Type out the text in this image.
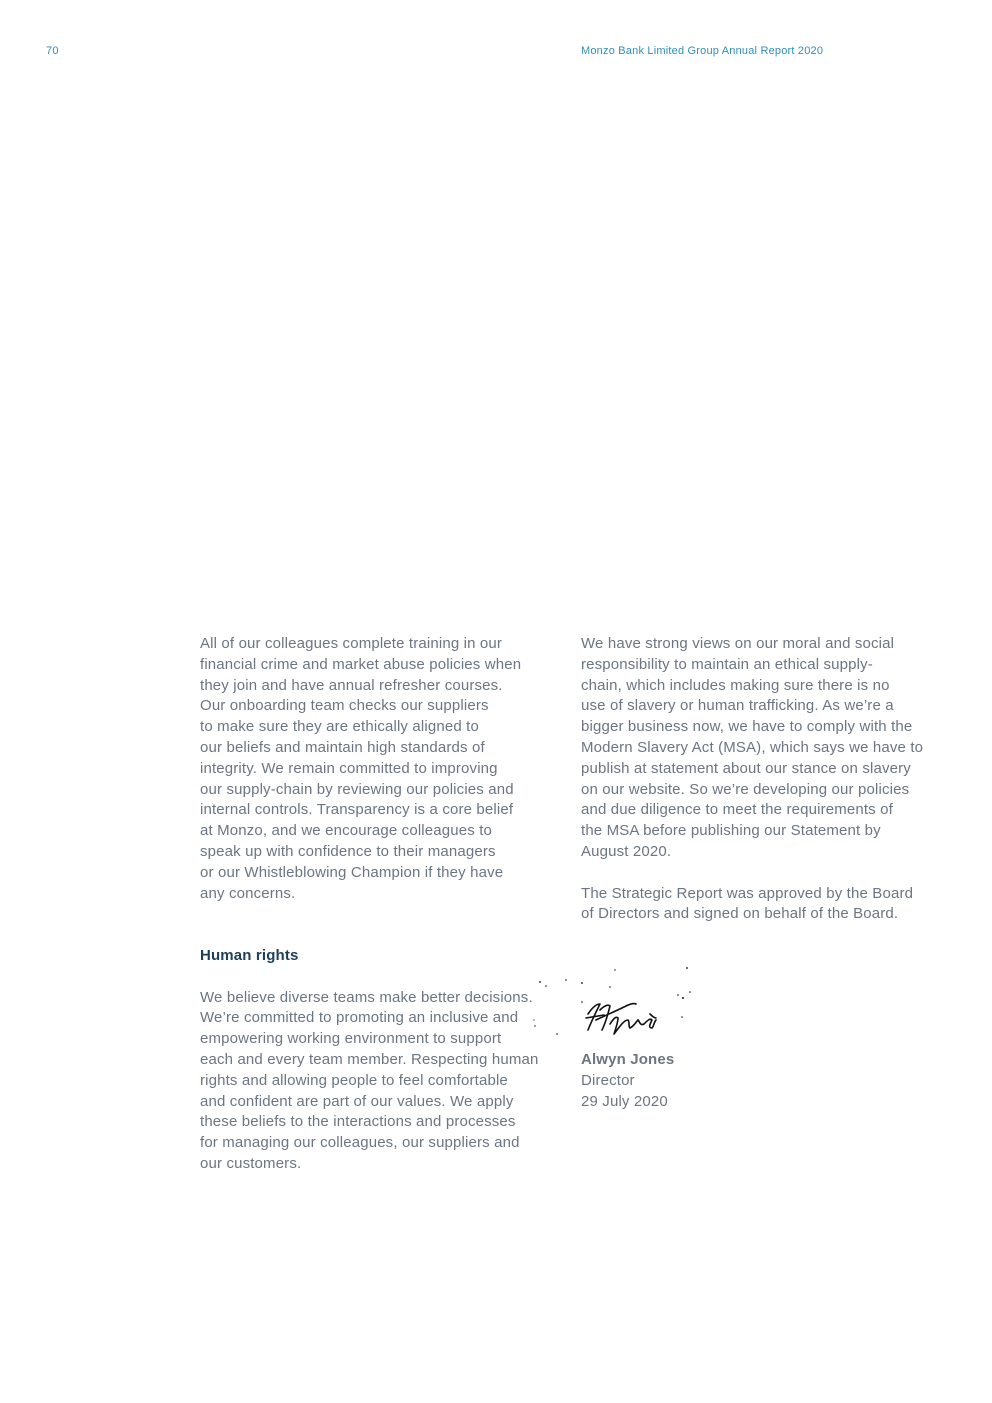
70	Monzo Bank Limited Group Annual Report 2020

All of our colleagues complete training in our
financial crime and market abuse policies when
they join and have annual refresher courses.
Our onboarding team checks our suppliers
to make sure they are ethically aligned to
our beliefs and maintain high standards of
integrity. We remain committed to improving
our supply-chain by reviewing our policies and
internal controls. Transparency is a core belief
at Monzo, and we encourage colleagues to
speak up with confidence to their managers
or our Whistleblowing Champion if they have
any concerns.

Human rights

We believe diverse teams make better decisions.
We’re committed to promoting an inclusive and
empowering working environment to support
each and every team member. Respecting human
rights and allowing people to feel comfortable
and confident are part of our values. We apply
these beliefs to the interactions and processes
for managing our colleagues, our suppliers and
our customers.

We have strong views on our moral and social
responsibility to maintain an ethical supply-
chain, which includes making sure there is no
use of slavery or human trafficking. As we’re a
bigger business now, we have to comply with the
Modern Slavery Act (MSA), which says we have to
publish at statement about our stance on slavery
on our website. So we’re developing our policies
and due diligence to meet the requirements of
the MSA before publishing our Statement by
August 2020.

The Strategic Report was approved by the Board
of Directors and signed on behalf of the Board.

Alwyn Jones
Director
29 July 2020
